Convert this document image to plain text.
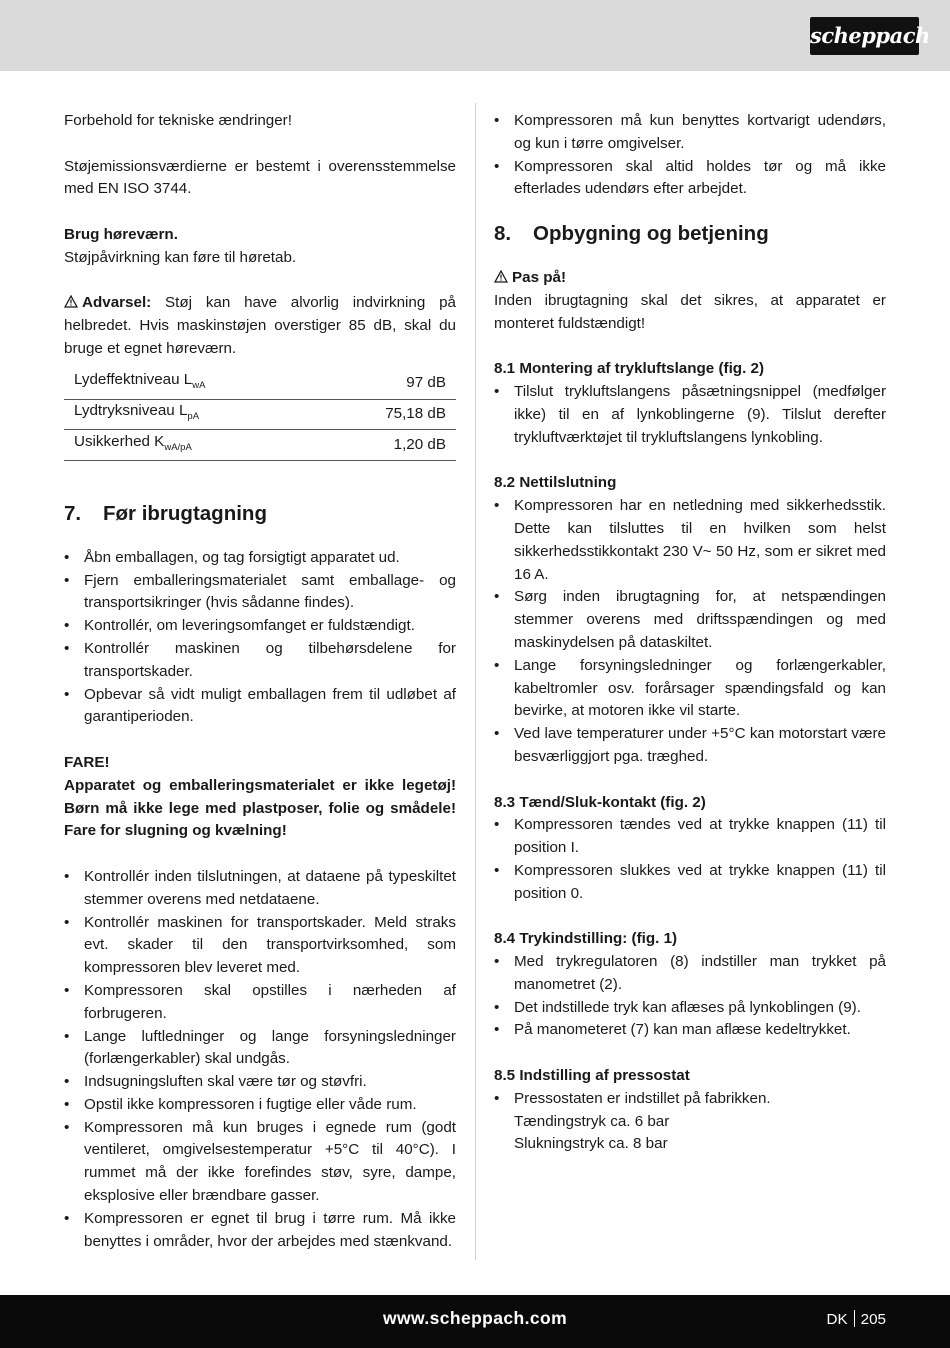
scheppach

Forbehold for tekniske ændringer!

Støjemissionsværdierne er bestemt i overensstemmelse med EN ISO 3744.

Brug høreværn.

Støjpåvirkning kan føre til høretab.

Advarsel: Støj kan have alvorlig indvirkning på helbredet. Hvis maskinstøjen overstiger 85 dB, skal du bruge et egnet høreværn.

Lydeffektniveau $L_{wA}$	97 dB
Lydtryksniveau $L_{pA}$	75,18 dB
Usikkerhed $K_{wA/pA}$	1,20 dB
7. Før ibrugtagning
• Åbn emballagen, og tag forsigtigt apparatet ud.
• Fjern emballeringsmaterialet samt emballage- og transportsikringer (hvis sådanne findes).
• Kontrollér, om leveringsomfanget er fuldstændigt.
• Kontrollér maskinen og tilbehørsdelene for transportskader.
• Opbevar så vidt muligt emballagen frem til udløbet af garantiperioden.

FARE!

Apparatet og emballeringsmaterialet er ikke legetøj! Børn må ikke lege med plastposer, folie og smådele! Fare for slugning og kvælning!

• Kontrollér inden tilslutningen, at dataene på typeskiltet stemmer overens med netdataene.
• Kontrollér maskinen for transportskader. Meld straks evt. skader til den transportvirksomhed, som kompressoren blev leveret med.
• Kompressoren skal opstilles i nærheden af forbrugeren.
• Lange luftledninger og lange forsyningsledninger (forlængerkabler) skal undgås.
• Indsugningsluften skal være tør og støvfri.
• Opstil ikke kompressoren i fugtige eller våde rum.
• Kompressoren må kun bruges i egnede rum (godt ventileret, omgivelsestemperatur +5°C til 40°C). I rummet må der ikke forefindes støv, syre, dampe, eksplosive eller brændbare gasser.
• Kompressoren er egnet til brug i tørre rum. Må ikke benyttes i områder, hvor der arbejdes med stænkvand.
• Kompressoren må kun benyttes kortvarigt udendørs, og kun i tørre omgivelser.
• Kompressoren skal altid holdes tør og må ikke efterlades udendørs efter arbejdet.
8. Opbygning og betjening

Pas på!

Inden ibrugtagning skal det sikres, at apparatet er monteret fuldstændigt!

8.1 Montering af trykluftslange (fig. 2)

• Tilslut trykluftslangens påsætningsnippel (medfølger ikke) til en af lynkoblingerne (9). Tilslut derefter trykluftværktøjet til trykluftslangens lynkobling.

8.2 Nettilslutning

• Kompressoren har en netledning med sikkerhedsstik. Dette kan tilsluttes til en hvilken som helst sikkerhedsstikkontakt 230 V~ 50 Hz, som er sikret med 16 A.
• Sørg inden ibrugtagning for, at netspændingen stemmer overens med driftsspændingen og med maskinydelsen på dataskiltet.
• Lange forsyningsledninger og forlængerkabler, kabeltromler osv. forårsager spændingsfald og kan bevirke, at motoren ikke vil starte.
• Ved lave temperaturer under +5°C kan motorstart være besværliggjort pga. træghed.

8.3 Tænd/Sluk-kontakt (fig. 2)

• Kompressoren tændes ved at trykke knappen (11) til position I.
• Kompressoren slukkes ved at trykke knappen (11) til position 0.

8.4 Trykindstilling: (fig. 1)

• Med trykregulatoren (8) indstiller man trykket på manometret (2).
• Det indstillede tryk kan aflæses på lynkoblingen (9).
• På manometeret (7) kan man aflæse kedeltrykket.

8.5 Indstilling af pressostat

• Pressostaten er indstillet på fabrikken.
Tændingstryk ca. 6 bar
Slukningstryk ca. 8 bar
www.scheppach.com	DK 205
